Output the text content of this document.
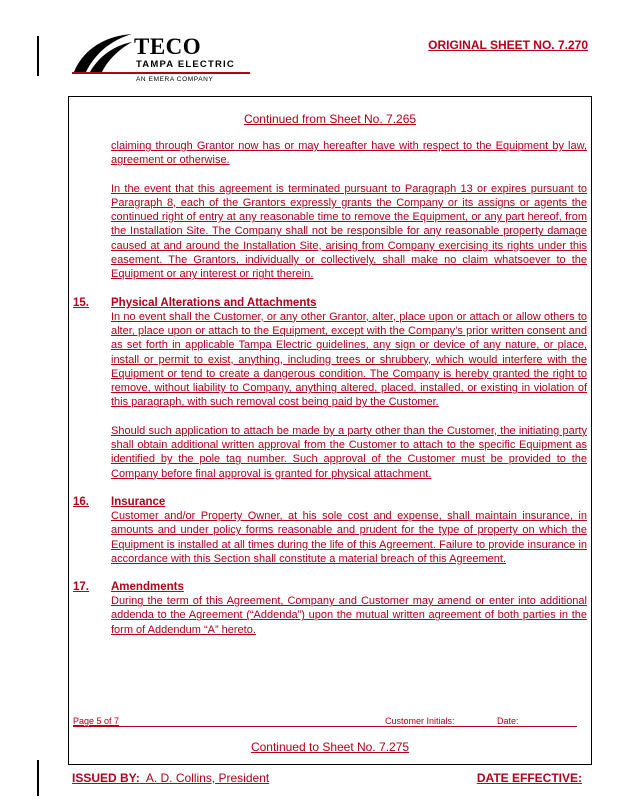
TECO
TAMPA ELECTRIC
AN EMERA COMPANY
ORIGINAL SHEET NO. 7.270
Continued from Sheet No. 7.265

claiming through Grantor now has or may hereafter have with respect to the Equipment by law, agreement or otherwise.

In the event that this agreement is terminated pursuant to Paragraph 13 or expires pursuant to Paragraph 8, each of the Grantors expressly grants the Company or its assigns or agents the continued right of entry at any reasonable time to remove the Equipment, or any part hereof, from the Installation Site. The Company shall not be responsible for any reasonable property damage caused at and around the Installation Site, arising from Company exercising its rights under this easement. The Grantors, individually or collectively, shall make no claim whatsoever to the Equipment or any interest or right therein.

15.	Physical Alterations and Attachments

In no event shall the Customer, or any other Grantor, alter, place upon or attach or allow others to alter, place upon or attach to the Equipment, except with the Company’s prior written consent and as set forth in applicable Tampa Electric guidelines, any sign or device of any nature, or place, install or permit to exist, anything, including trees or shrubbery, which would interfere with the Equipment or tend to create a dangerous condition. The Company is hereby granted the right to remove, without liability to Company, anything altered, placed, installed, or existing in violation of this paragraph, with such removal cost being paid by the Customer.

Should such application to attach be made by a party other than the Customer, the initiating party shall obtain additional written approval from the Customer to attach to the specific Equipment as identified by the pole tag number. Such approval of the Customer must be provided to the Company before final approval is granted for physical attachment.

16.	Insurance

Customer and/or Property Owner, at his sole cost and expense, shall maintain insurance, in amounts and under policy forms reasonable and prudent for the type of property on which the Equipment is installed at all times during the life of this Agreement. Failure to provide insurance in accordance with this Section shall constitute a material breach of this Agreement.

17.	Amendments

During the term of this Agreement, Company and Customer may amend or enter into additional addenda to the Agreement (“Addenda”) upon the mutual written agreement of both parties in the form of Addendum “A” hereto.

Page 5 of 7	Customer Initials:	Date:
Continued to Sheet No. 7.275
ISSUED BY: A. D. Collins, President	DATE EFFECTIVE:
